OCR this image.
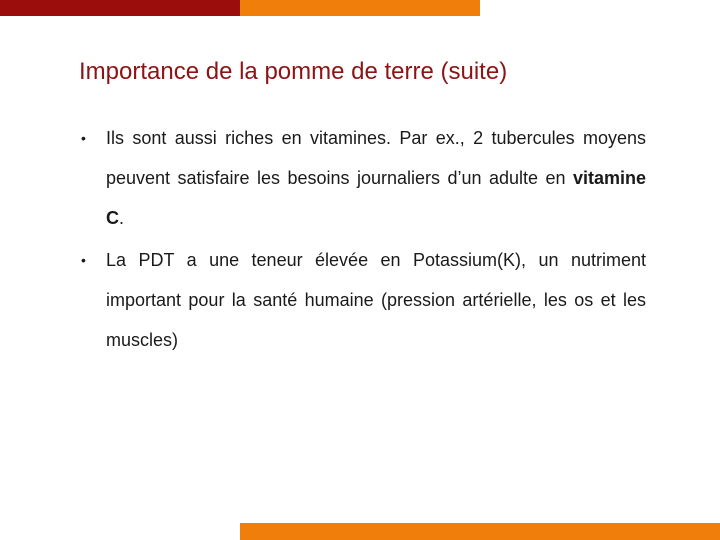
Importance de la pomme de terre (suite)
• Ils sont aussi riches en vitamines. Par ex., 2 tubercules moyens peuvent satisfaire les besoins journaliers d’un adulte en vitamine C.
• La PDT a une teneur élevée en Potassium(K), un nutriment important pour la santé humaine (pression artérielle, les os et les muscles)
